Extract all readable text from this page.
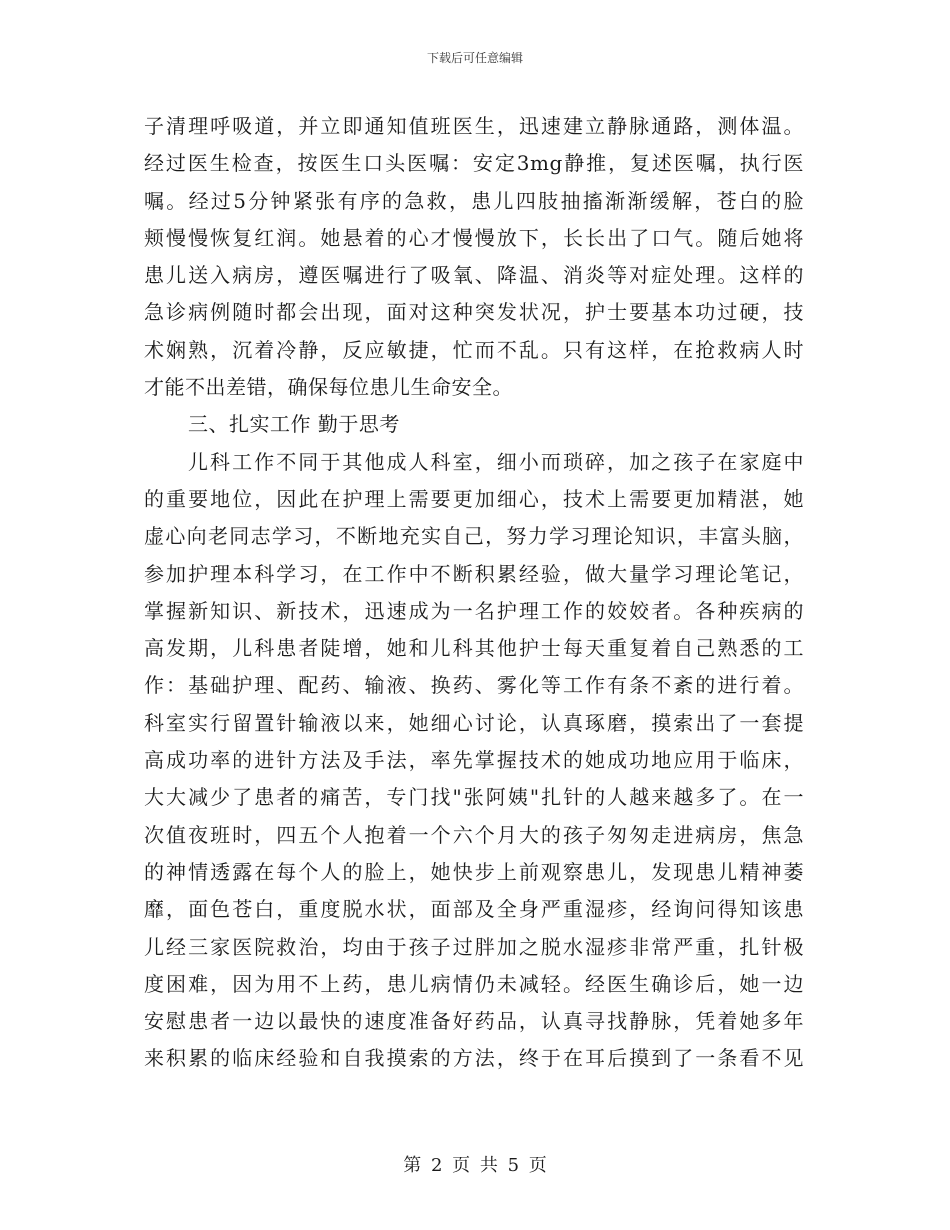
下载后可任意编辑
子清理呼吸道，并立即通知值班医生，迅速建立静脉通路，测体温。
经过医生检查，按医生口头医嘱：安定3mg静推，复述医嘱，执行医
嘱。经过5分钟紧张有序的急救，患儿四肢抽搐渐渐缓解，苍白的脸
颊慢慢恢复红润。她悬着的心才慢慢放下，长长出了口气。随后她将
患儿送入病房，遵医嘱进行了吸氧、降温、消炎等对症处理。这样的
急诊病例随时都会出现，面对这种突发状况，护士要基本功过硬，技
术娴熟，沉着冷静，反应敏捷，忙而不乱。只有这样，在抢救病人时
才能不出差错，确保每位患儿生命安全。
三、扎实工作 勤于思考
儿科工作不同于其他成人科室，细小而琐碎，加之孩子在家庭中
的重要地位，因此在护理上需要更加细心，技术上需要更加精湛，她
虚心向老同志学习，不断地充实自己，努力学习理论知识，丰富头脑，
参加护理本科学习，在工作中不断积累经验，做大量学习理论笔记，
掌握新知识、新技术，迅速成为一名护理工作的姣姣者。各种疾病的
高发期，儿科患者陡增，她和儿科其他护士每天重复着自己熟悉的工
作：基础护理、配药、输液、换药、雾化等工作有条不紊的进行着。
科室实行留置针输液以来，她细心讨论，认真琢磨，摸索出了一套提
高成功率的进针方法及手法，率先掌握技术的她成功地应用于临床，
大大减少了患者的痛苦，专门找"张阿姨"扎针的人越来越多了。在一
次值夜班时，四五个人抱着一个六个月大的孩子匆匆走进病房，焦急
的神情透露在每个人的脸上，她快步上前观察患儿，发现患儿精神萎
靡，面色苍白，重度脱水状，面部及全身严重湿疹，经询问得知该患
儿经三家医院救治，均由于孩子过胖加之脱水湿疹非常严重，扎针极
度困难，因为用不上药，患儿病情仍未减轻。经医生确诊后，她一边
安慰患者一边以最快的速度准备好药品，认真寻找静脉，凭着她多年
来积累的临床经验和自我摸索的方法，终于在耳后摸到了一条看不见
第 2 页 共 5 页
